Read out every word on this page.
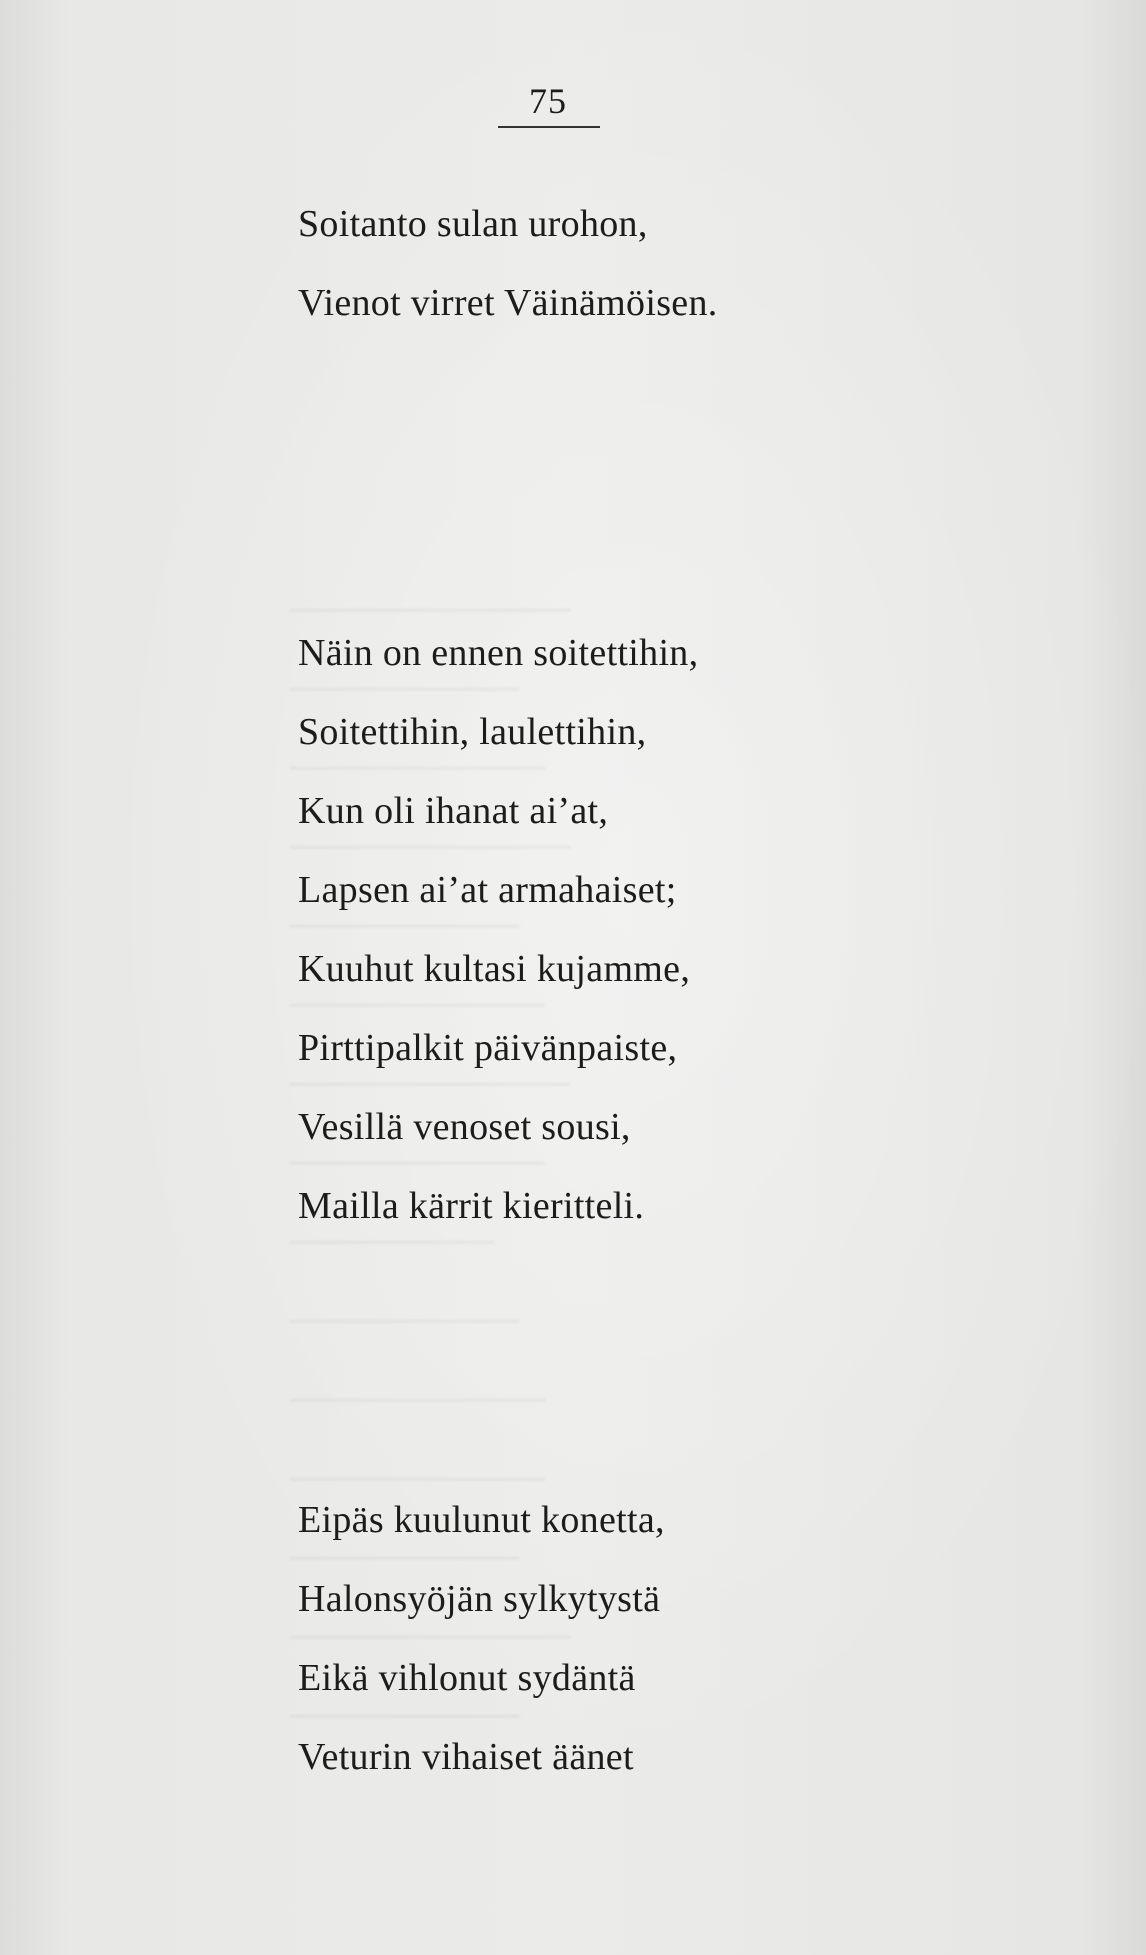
───────────
─────────
──────────
───────────
─────────
──────────
───────────
──────────
────────
─────────
──────────
──────────
─────────
───────────
─────────
75
Soitanto sulan urohon,
Vienot virret Väinämöisen.
Näin on ennen soitettihin,
Soitettihin, laulettihin,
Kun oli ihanat ai’at,
Lapsen ai’at armahaiset;
Kuuhut kultasi kujamme,
Pirttipalkit päivänpaiste,
Vesillä venoset sousi,
Mailla kärrit kieritteli.
Eipäs kuulunut konetta,
Halonsyöjän sylkytystä
Eikä vihlonut sydäntä
Veturin vihaiset äänet
